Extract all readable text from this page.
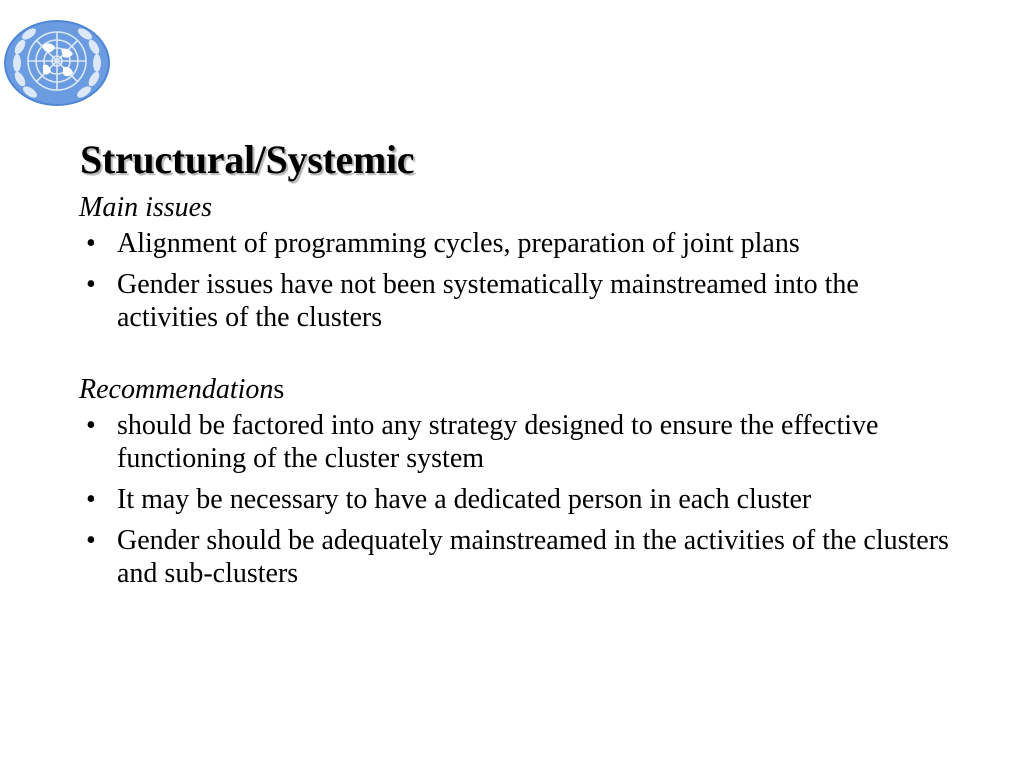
Structural/Systemic

Main issues

• Alignment of programming cycles, preparation of joint plans
• Gender issues have not been systematically mainstreamed into the activities of the clusters

Recommendations

• should be factored into any strategy designed to ensure the effective functioning of the cluster system
• It may be necessary to have a dedicated person in each cluster
• Gender should be adequately mainstreamed in the activities of the clusters and sub-clusters
